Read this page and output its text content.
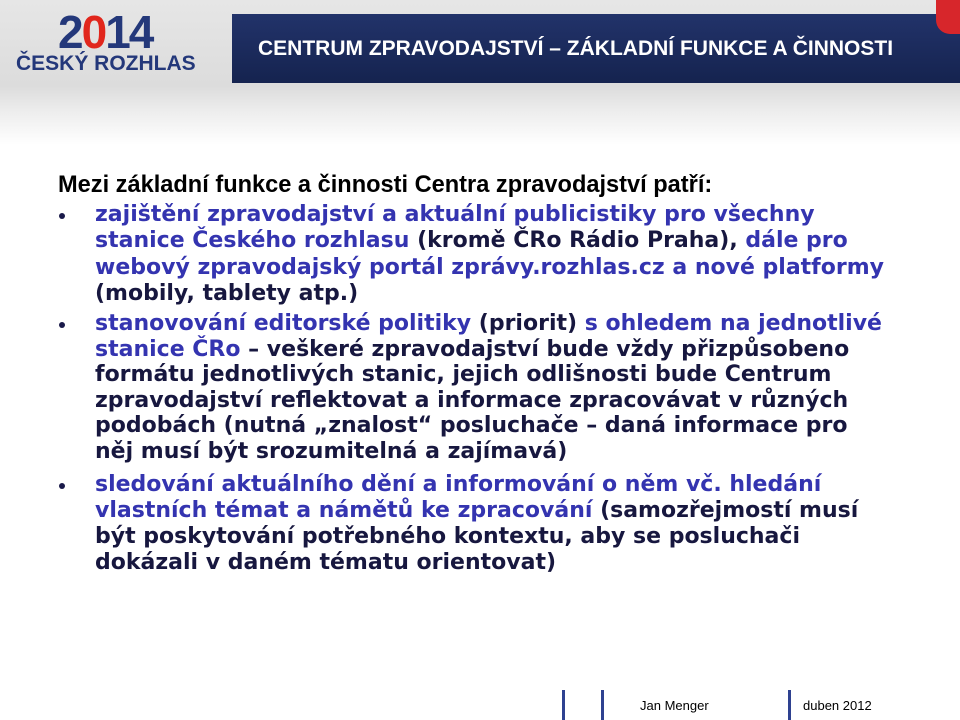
2014
ČESKÝ ROZHLAS
CENTRUM ZPRAVODAJSTVÍ – ZÁKLADNÍ FUNKCE A ČINNOSTI
Mezi základní funkce a činnosti Centra zpravodajství patří:
zajištění zpravodajství a aktuální publicistiky pro všechny
stanice Českého rozhlasu (kromě ČRo Rádio Praha), dále pro
webový zpravodajský portál zprávy.rozhlas.cz a nové platformy
(mobily, tablety atp.)
stanovování editorské politiky (priorit) s ohledem na jednotlivé
stanice ČRo – veškeré zpravodajství bude vždy přizpůsobeno
formátu jednotlivých stanic, jejich odlišnosti bude Centrum
zpravodajství reflektovat a informace zpracovávat v různých
podobách (nutná „znalost“ posluchače – daná informace pro
něj musí být srozumitelná a zajímavá)
sledování aktuálního dění a informování o něm vč. hledání
vlastních témat a námětů ke zpracování (samozřejmostí musí
být poskytování potřebného kontextu, aby se posluchači
dokázali v daném tématu orientovat)
Jan Menger	duben 2012
